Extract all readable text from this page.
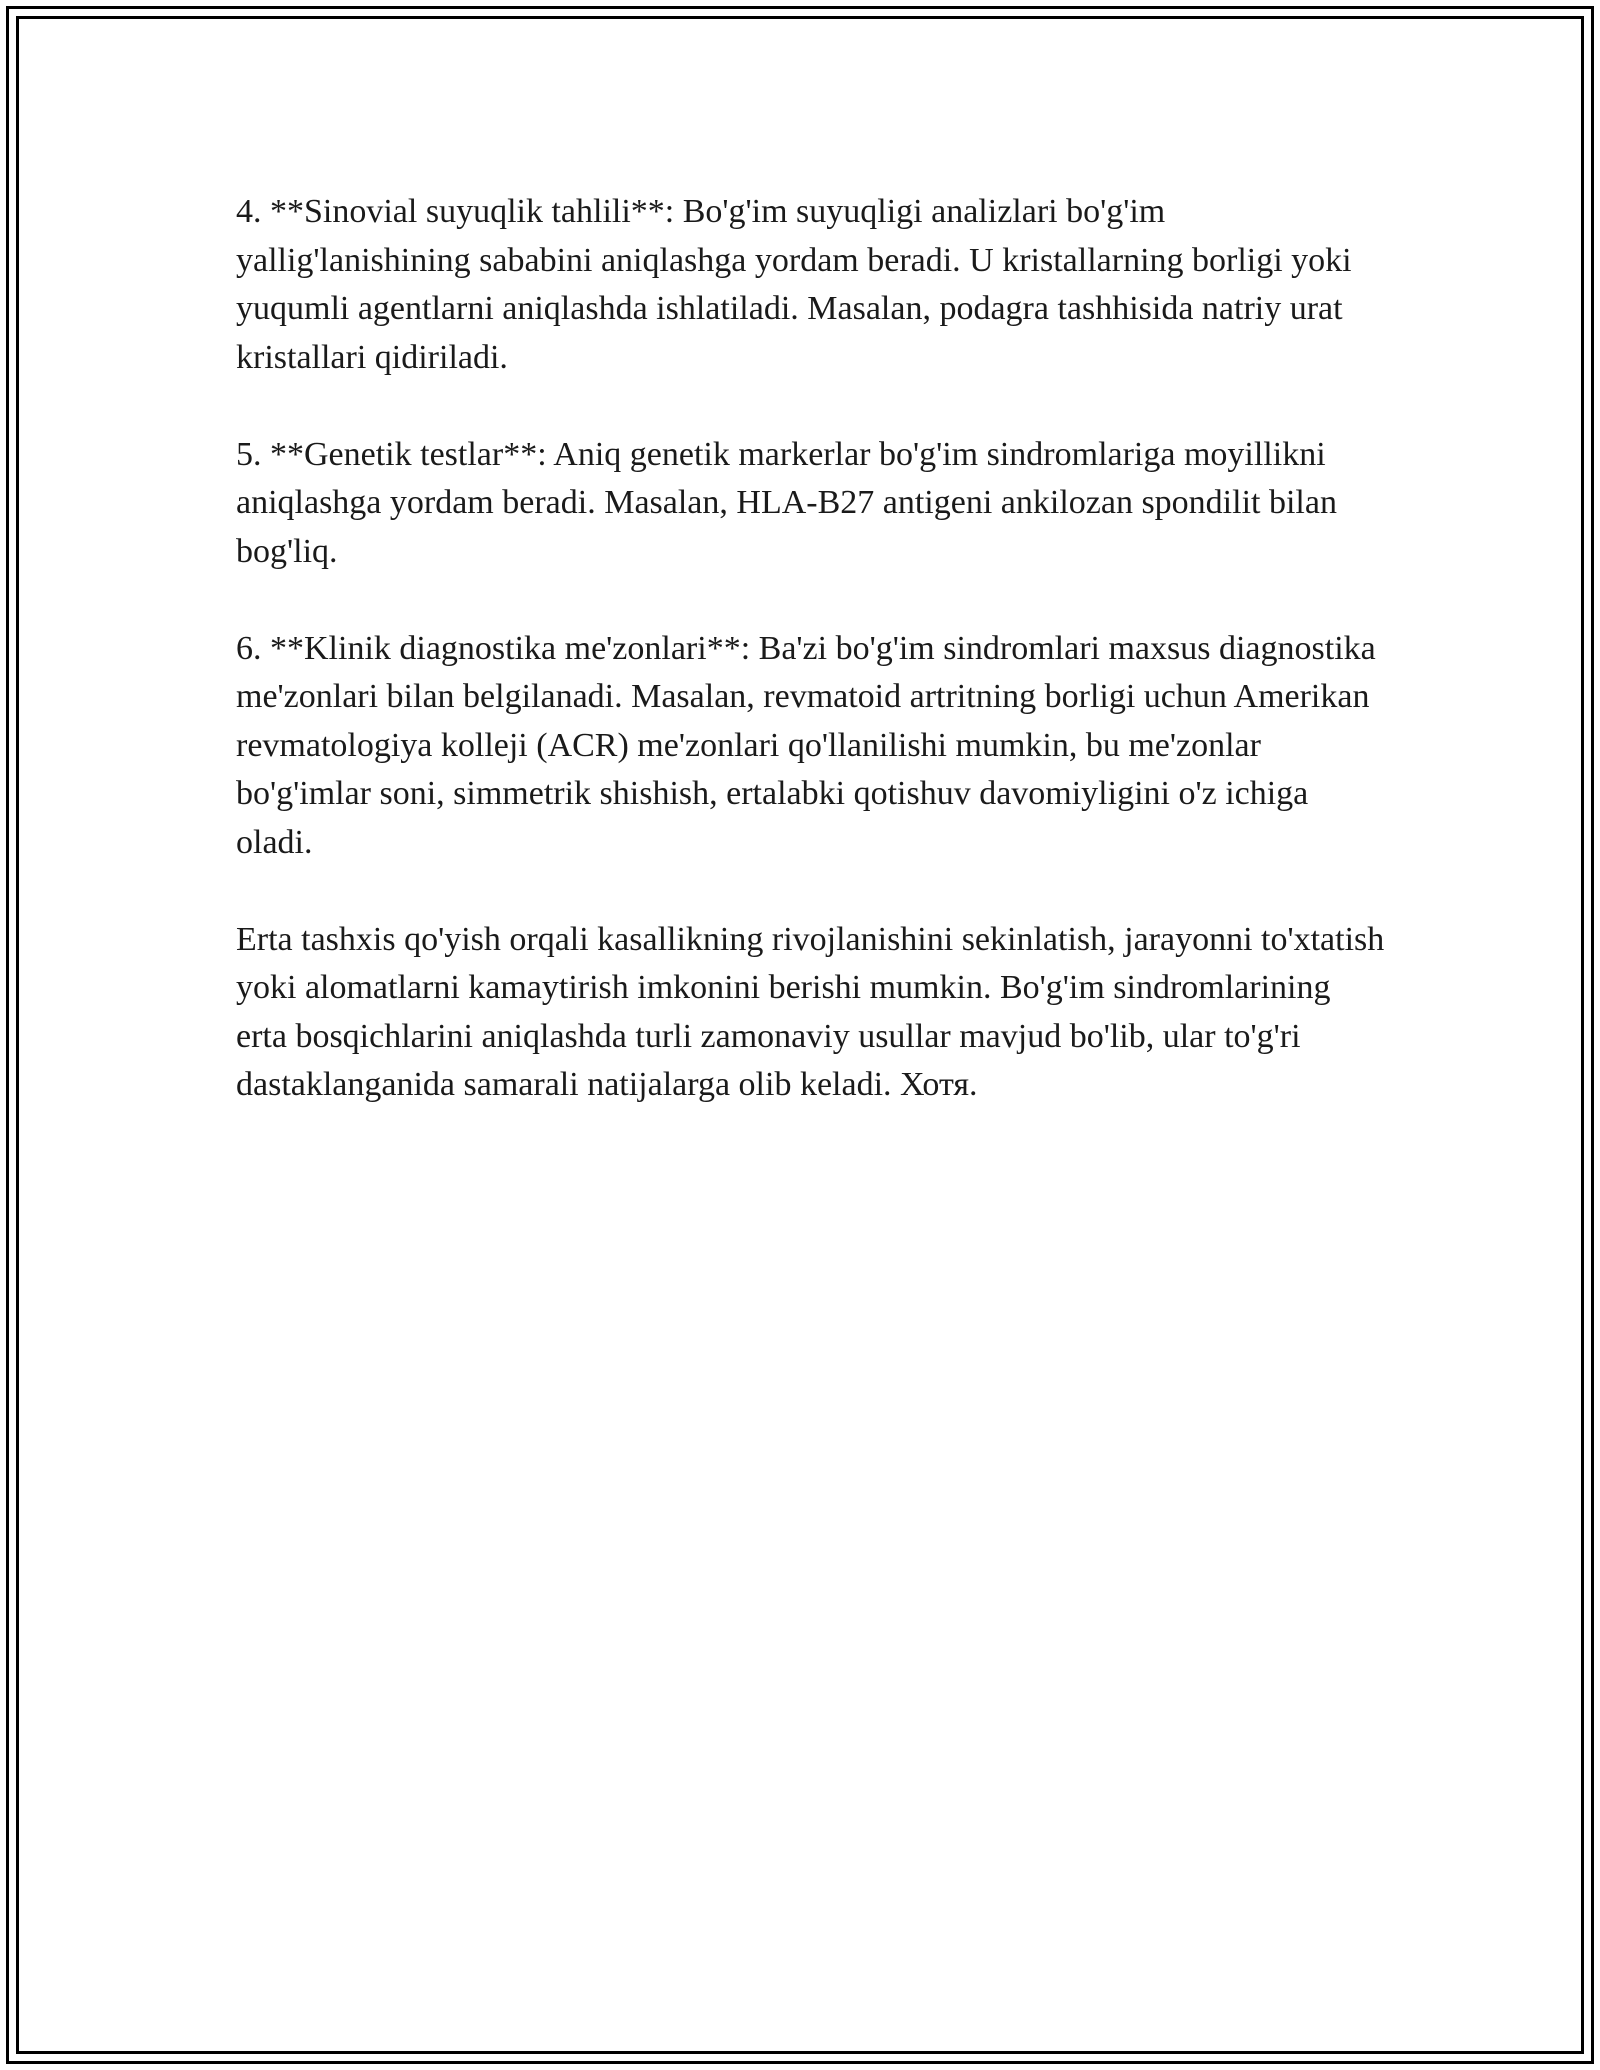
4. **Sinovial suyuqlik tahlili**: Bo'g'im suyuqligi analizlari bo'g'im yallig'lanishining sababini aniqlashga yordam beradi. U kristallarning borligi yoki yuqumli agentlarni aniqlashda ishlatiladi. Masalan, podagra tashhisida natriy urat kristallari qidiriladi.

5. **Genetik testlar**: Aniq genetik markerlar bo'g'im sindromlariga moyillikni aniqlashga yordam beradi. Masalan, HLA-B27 antigeni ankilozan spondilit bilan bog'liq.

6. **Klinik diagnostika me'zonlari**: Ba'zi bo'g'im sindromlari maxsus diagnostika me'zonlari bilan belgilanadi. Masalan, revmatoid artritning borligi uchun Amerikan revmatologiya kolleji (ACR) me'zonlari qo'llanilishi mumkin, bu me'zonlar bo'g'imlar soni, simmetrik shishish, ertalabki qotishuv davomiyligini o'z ichiga oladi.

Erta tashxis qo'yish orqali kasallikning rivojlanishini sekinlatish, jarayonni to'xtatish yoki alomatlarni kamaytirish imkonini berishi mumkin. Bo'g'im sindromlarining erta bosqichlarini aniqlashda turli zamonaviy usullar mavjud bo'lib, ular to'g'ri dastaklanganida samarali natijalarga olib keladi. Хотя.
